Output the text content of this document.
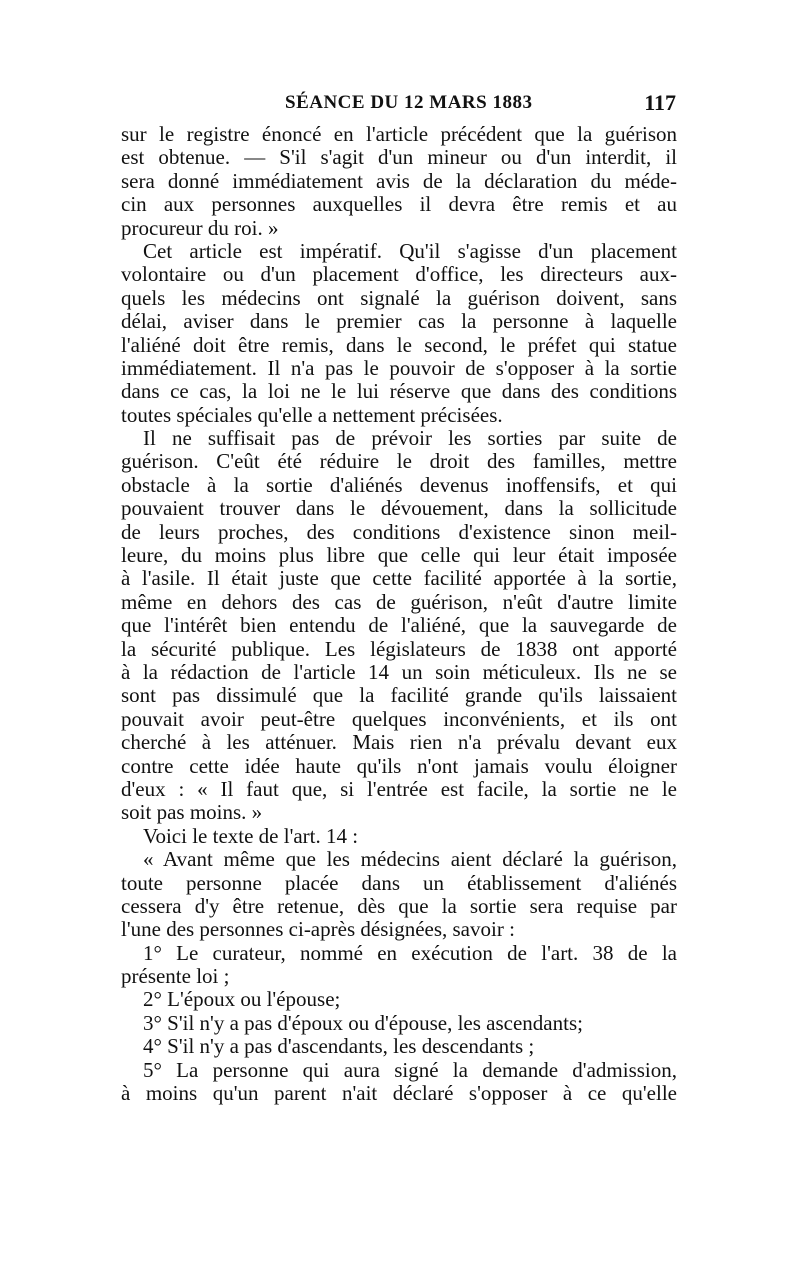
SÉANCE DU 12 MARS 1883	117
sur le registre énoncé en l'article précédent que la guérison
est obtenue. — S'il s'agit d'un mineur ou d'un interdit, il
sera donné immédiatement avis de la déclaration du méde-
cin aux personnes auxquelles il devra être remis et au
procureur du roi. »
Cet article est impératif. Qu'il s'agisse d'un placement
volontaire ou d'un placement d'office, les directeurs aux-
quels les médecins ont signalé la guérison doivent, sans
délai, aviser dans le premier cas la personne à laquelle
l'aliéné doit être remis, dans le second, le préfet qui statue
immédiatement. Il n'a pas le pouvoir de s'opposer à la sortie
dans ce cas, la loi ne le lui réserve que dans des conditions
toutes spéciales qu'elle a nettement précisées.
Il ne suffisait pas de prévoir les sorties par suite de
guérison. C'eût été réduire le droit des familles, mettre
obstacle à la sortie d'aliénés devenus inoffensifs, et qui
pouvaient trouver dans le dévouement, dans la sollicitude
de leurs proches, des conditions d'existence sinon meil-
leure, du moins plus libre que celle qui leur était imposée
à l'asile. Il était juste que cette facilité apportée à la sortie,
même en dehors des cas de guérison, n'eût d'autre limite
que l'intérêt bien entendu de l'aliéné, que la sauvegarde de
la sécurité publique. Les législateurs de 1838 ont apporté
à la rédaction de l'article 14 un soin méticuleux. Ils ne se
sont pas dissimulé que la facilité grande qu'ils laissaient
pouvait avoir peut-être quelques inconvénients, et ils ont
cherché à les atténuer. Mais rien n'a prévalu devant eux
contre cette idée haute qu'ils n'ont jamais voulu éloigner
d'eux : « Il faut que, si l'entrée est facile, la sortie ne le
soit pas moins. »
Voici le texte de l'art. 14 :
« Avant même que les médecins aient déclaré la guérison,
toute personne placée dans un établissement d'aliénés
cessera d'y être retenue, dès que la sortie sera requise par
l'une des personnes ci-après désignées, savoir :
1° Le curateur, nommé en exécution de l'art. 38 de la
présente loi ;
2° L'époux ou l'épouse;
3° S'il n'y a pas d'époux ou d'épouse, les ascendants;
4° S'il n'y a pas d'ascendants, les descendants ;
5° La personne qui aura signé la demande d'admission,
à moins qu'un parent n'ait déclaré s'opposer à ce qu'elle
